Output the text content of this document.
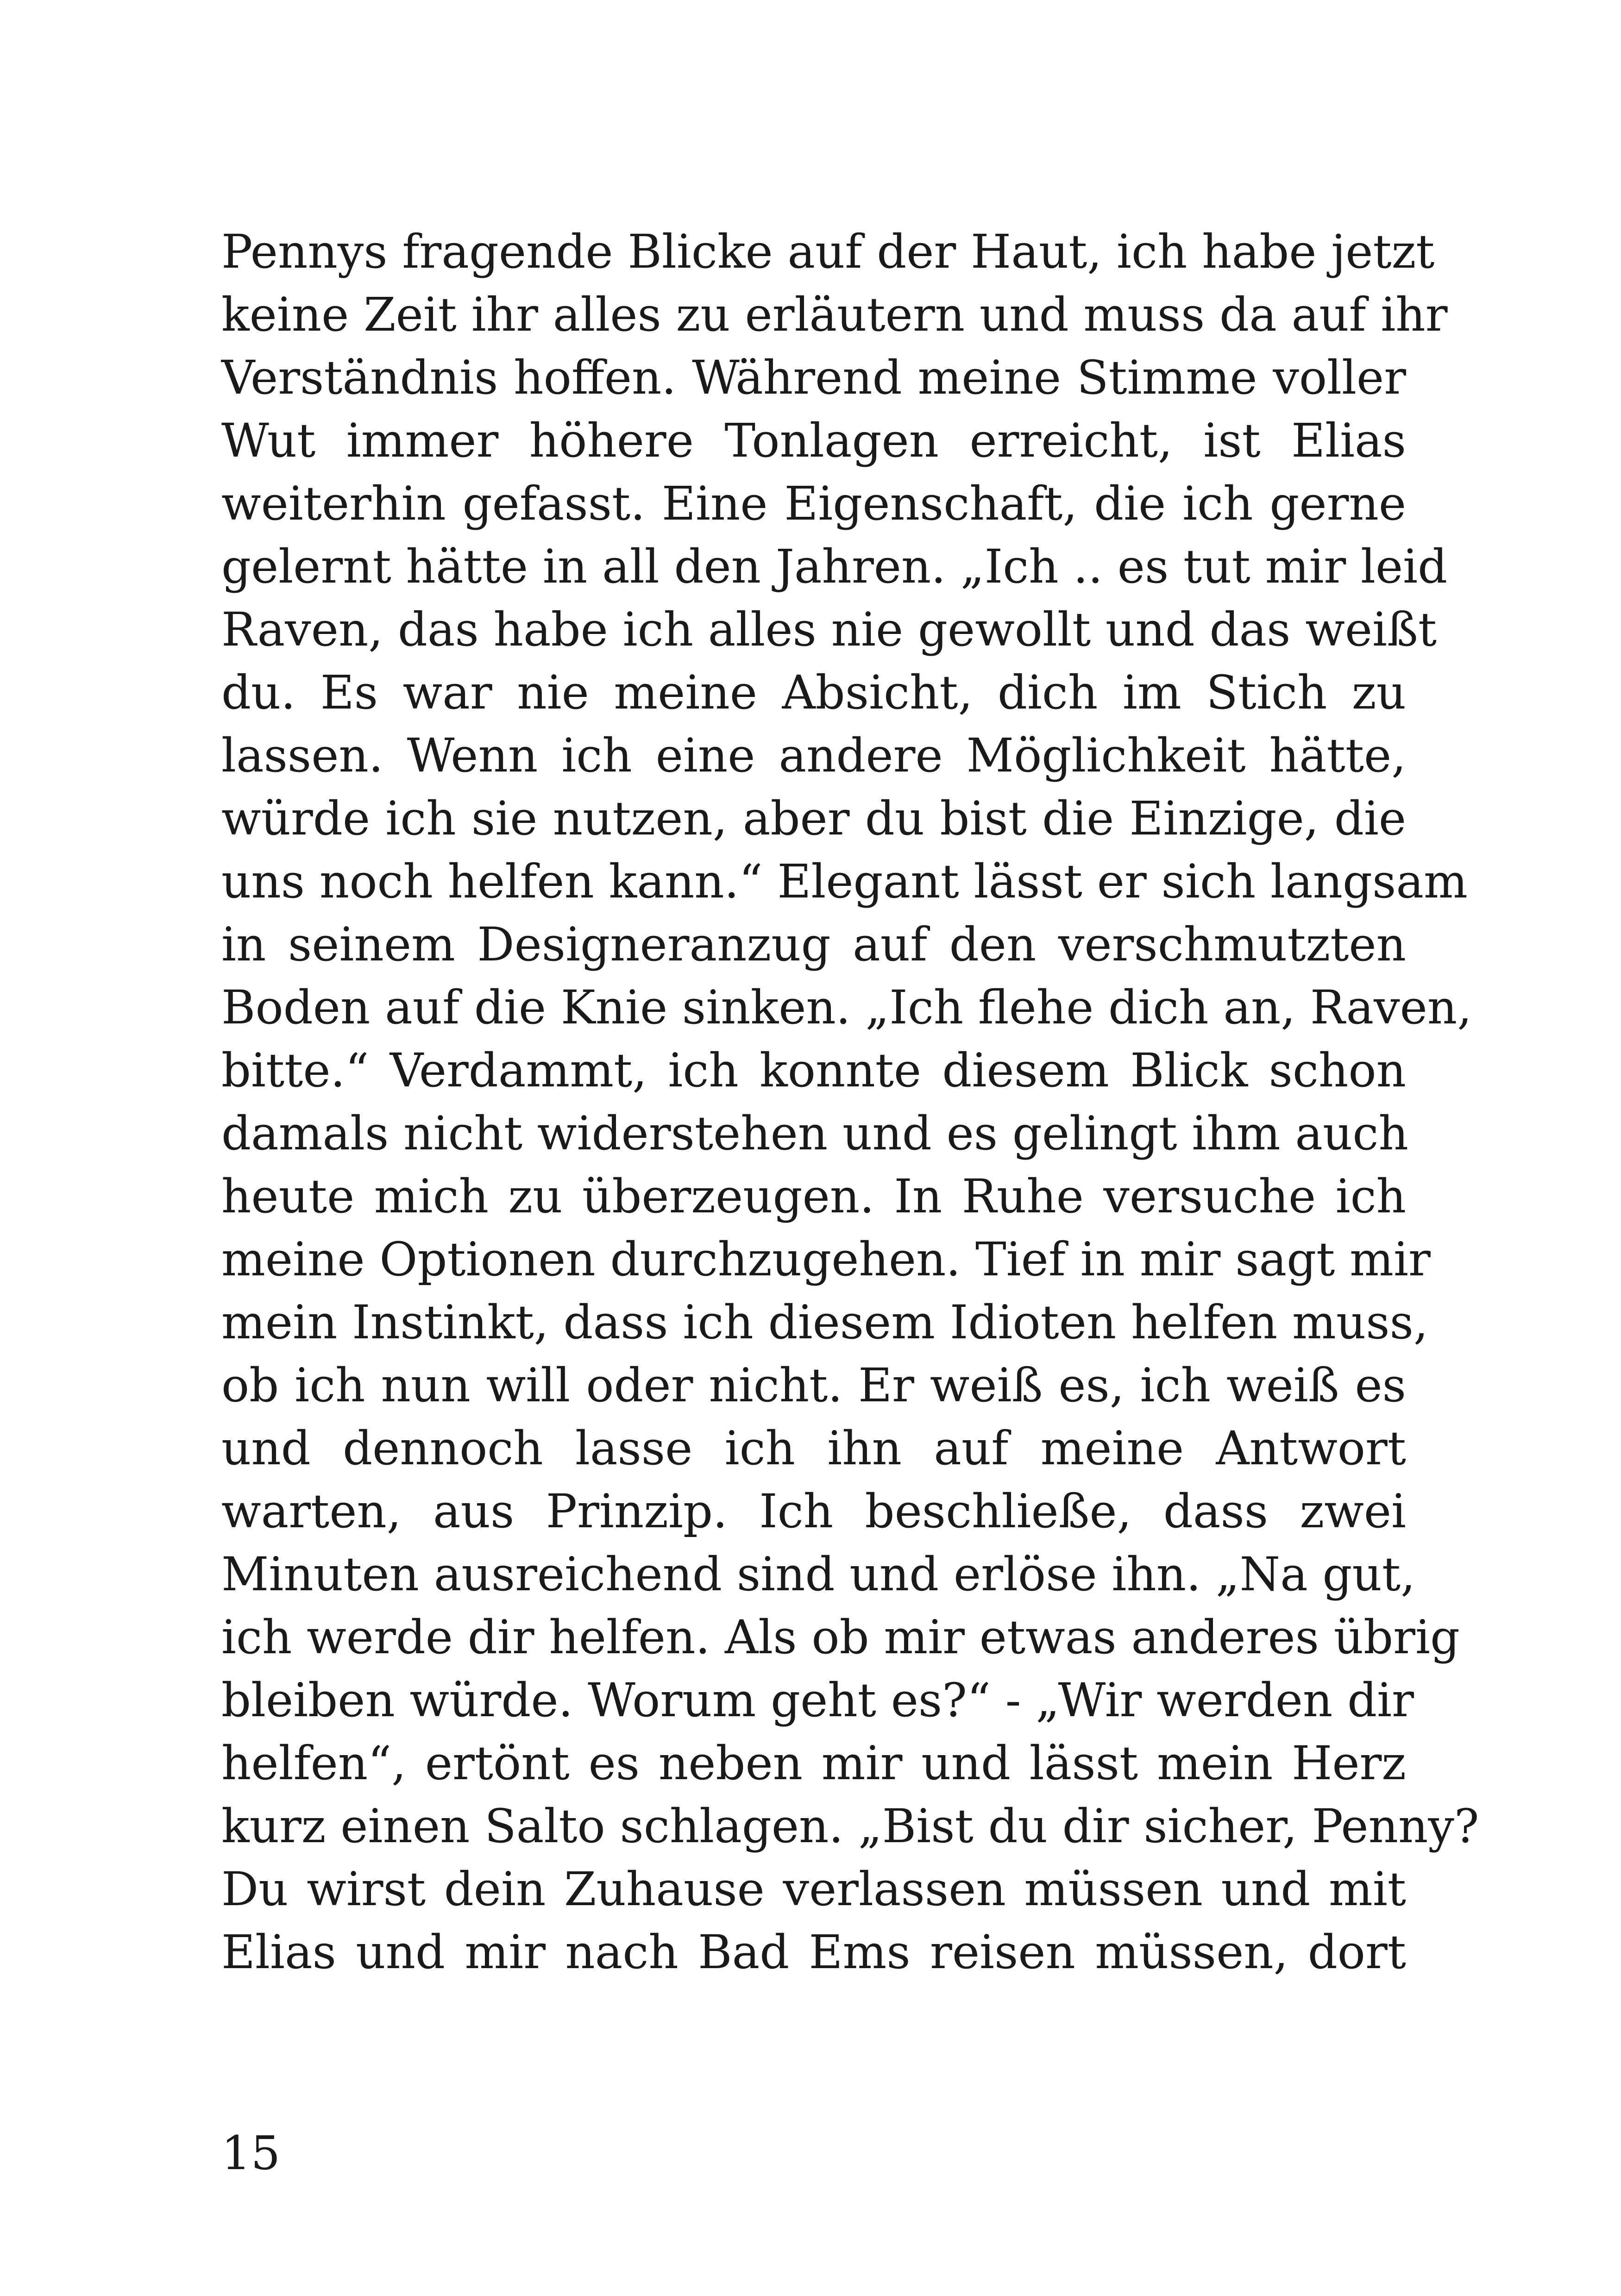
Pennys fragende Blicke auf der Haut, ich habe jetzt
keine Zeit ihr alles zu erläutern und muss da auf ihr
Verständnis hoffen. Während meine Stimme voller
Wut immer höhere Tonlagen erreicht, ist Elias
weiterhin gefasst. Eine Eigenschaft, die ich gerne
gelernt hätte in all den Jahren. „Ich .. es tut mir leid
Raven, das habe ich alles nie gewollt und das weißt
du. Es war nie meine Absicht, dich im Stich zu
lassen. Wenn ich eine andere Möglichkeit hätte,
würde ich sie nutzen, aber du bist die Einzige, die
uns noch helfen kann.“ Elegant lässt er sich langsam
in seinem Designeranzug auf den verschmutzten
Boden auf die Knie sinken. „Ich flehe dich an, Raven,
bitte.“ Verdammt, ich konnte diesem Blick schon
damals nicht widerstehen und es gelingt ihm auch
heute mich zu überzeugen. In Ruhe versuche ich
meine Optionen durchzugehen. Tief in mir sagt mir
mein Instinkt, dass ich diesem Idioten helfen muss,
ob ich nun will oder nicht. Er weiß es, ich weiß es
und dennoch lasse ich ihn auf meine Antwort
warten, aus Prinzip. Ich beschließe, dass zwei
Minuten ausreichend sind und erlöse ihn. „Na gut,
ich werde dir helfen. Als ob mir etwas anderes übrig
bleiben würde. Worum geht es?“ - „Wir werden dir
helfen“, ertönt es neben mir und lässt mein Herz
kurz einen Salto schlagen. „Bist du dir sicher, Penny?
Du wirst dein Zuhause verlassen müssen und mit
Elias und mir nach Bad Ems reisen müssen, dort
15
